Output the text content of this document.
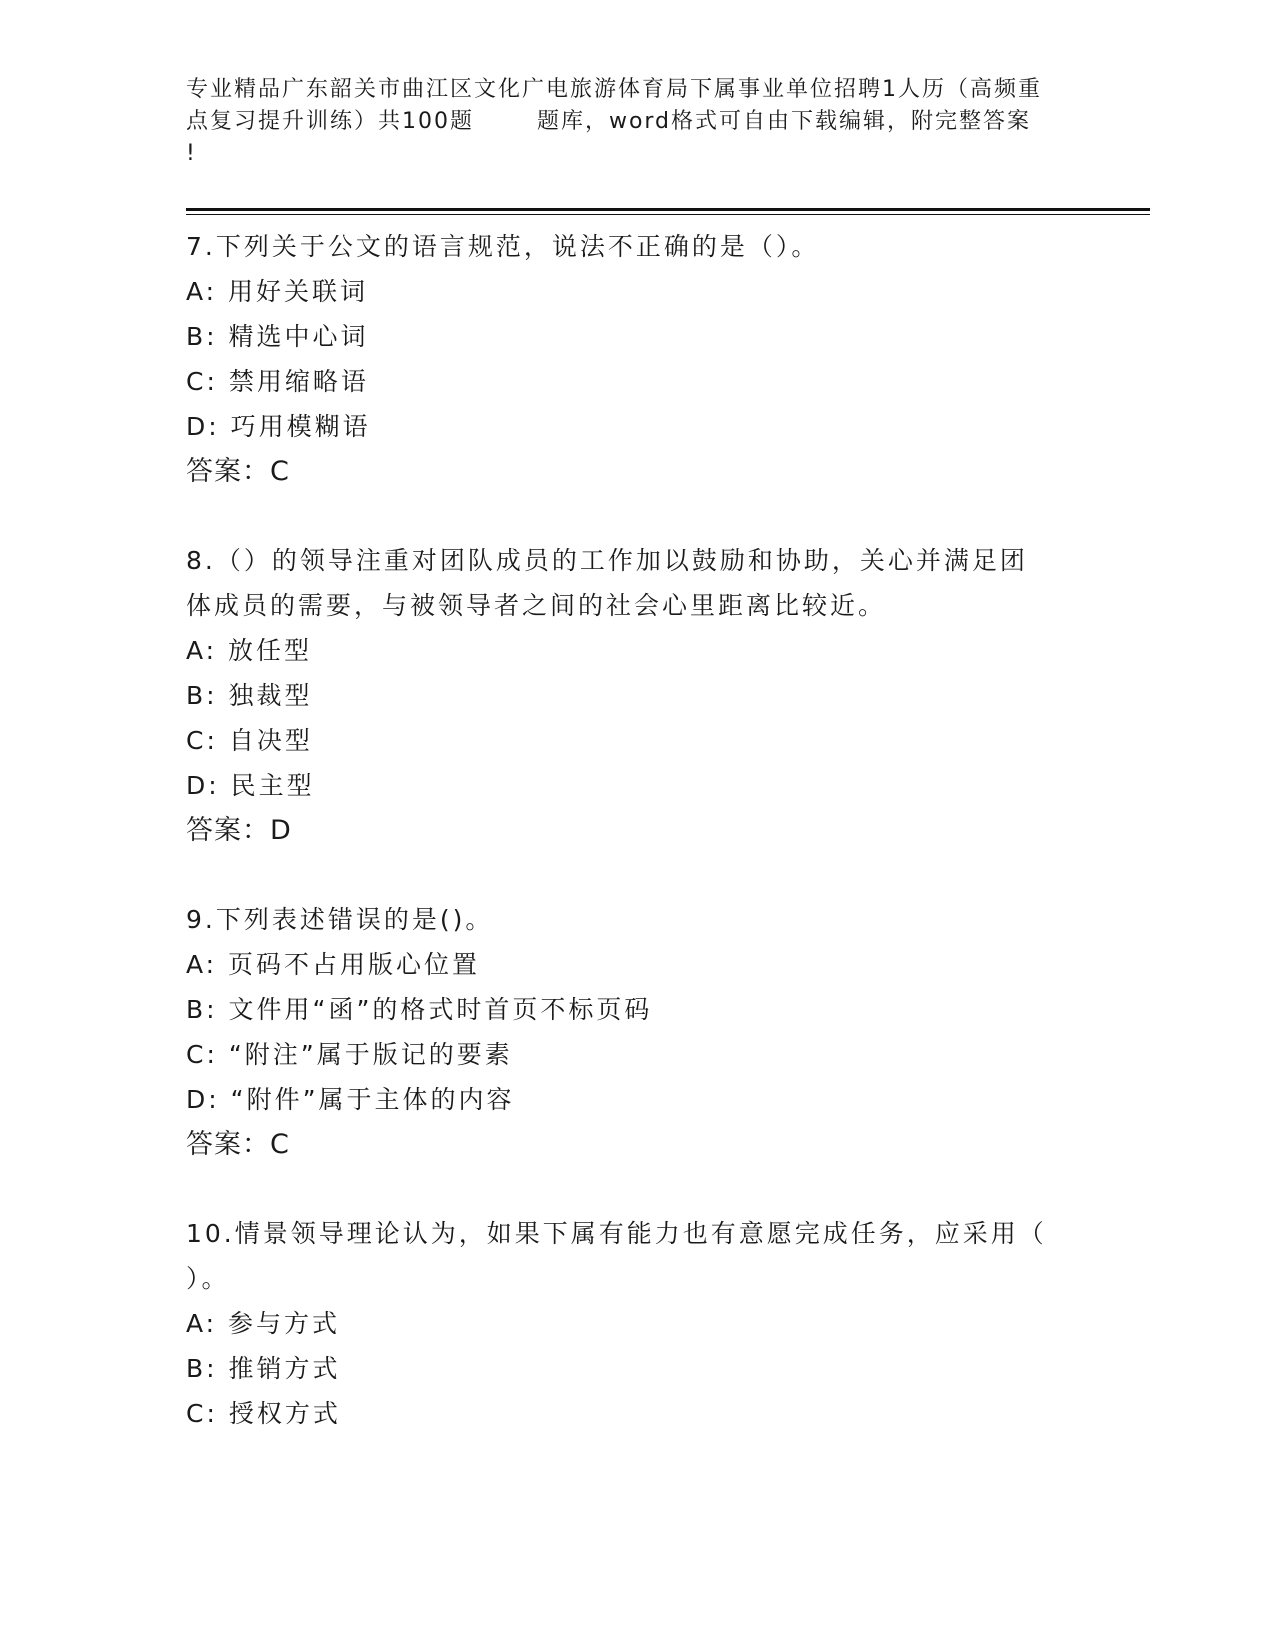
专业精品广东韶关市曲江区文化广电旅游体育局下属事业单位招聘1人历（高频重
点复习提升训练）共100题       题库，word格式可自由下载编辑，附完整答案
!
7.下列关于公文的语言规范，说法不正确的是（）。
A: 用好关联词
B: 精选中心词
C: 禁用缩略语
D: 巧用模糊语
答案：C
8.（）的领导注重对团队成员的工作加以鼓励和协助，关心并满足团
体成员的需要，与被领导者之间的社会心里距离比较近。
A: 放任型
B: 独裁型
C: 自决型
D: 民主型
答案：D
9.下列表述错误的是()。
A: 页码不占用版心位置
B: 文件用“函”的格式时首页不标页码
C: “附注”属于版记的要素
D: “附件”属于主体的内容
答案：C
10.情景领导理论认为，如果下属有能力也有意愿完成任务，应采用（
）。
A: 参与方式
B: 推销方式
C: 授权方式
